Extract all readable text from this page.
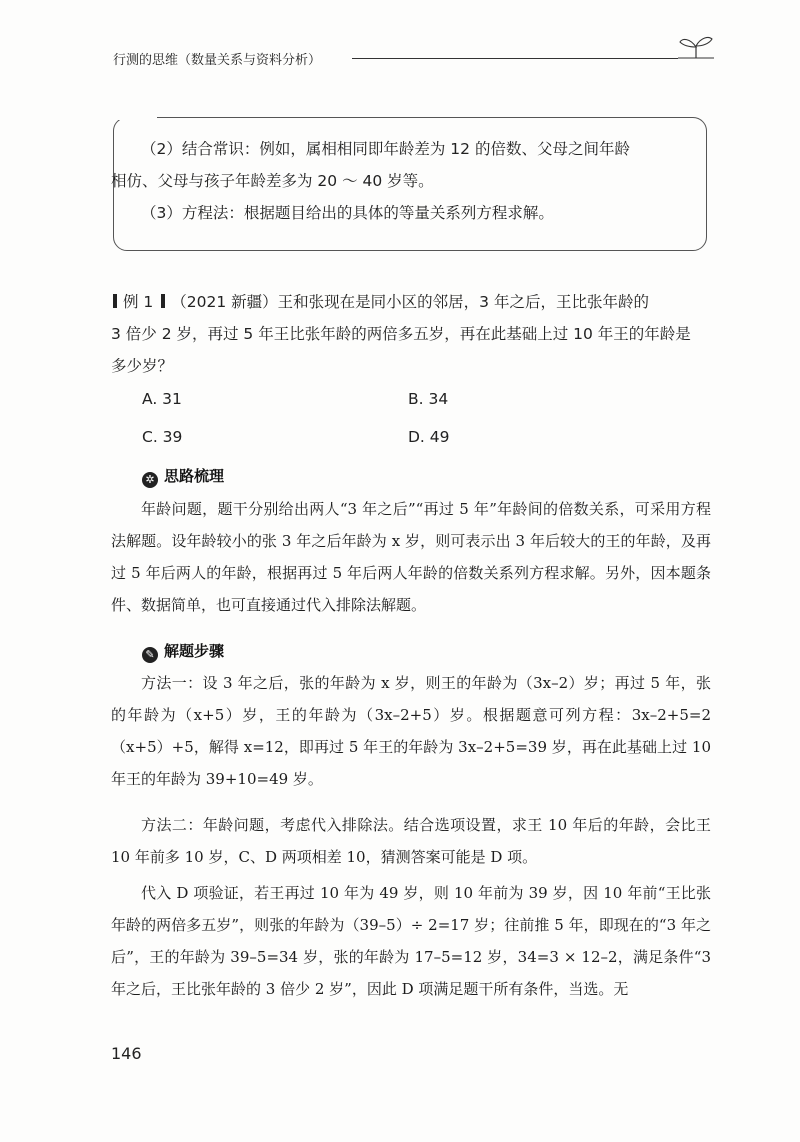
行测的思维（数量关系与资料分析）

（2）结合常识：例如，属相相同即年龄差为 12 的倍数、父母之间年龄

相仿、父母与孩子年龄差多为 20 ～ 40 岁等。

（3）方程法：根据题目给出的具体的等量关系列方程求解。

例 1 （2021 新疆）王和张现在是同小区的邻居，3 年之后，王比张年龄的

3 倍少 2 岁，再过 5 年王比张年龄的两倍多五岁，再在此基础上过 10 年王的年龄是

多少岁？

A. 31	B. 34
C. 39	D. 49
✲ 思路梳理

年龄问题，题干分别给出两人“3 年之后”“再过 5 年”年龄间的倍数关系，可采用方程法解题。设年龄较小的张 3 年之后年龄为 x 岁，则可表示出 3 年后较大的王的年龄，及再过 5 年后两人的年龄，根据再过 5 年后两人年龄的倍数关系列方程求解。另外，因本题条件、数据简单，也可直接通过代入排除法解题。

✎ 解题步骤

方法一：设 3 年之后，张的年龄为 x 岁，则王的年龄为（3x–2）岁；再过 5 年，张的年龄为（x+5）岁，王的年龄为（3x–2+5）岁。根据题意可列方程：3x–2+5=2（x+5）+5，解得 x=12，即再过 5 年王的年龄为 3x–2+5=39 岁，再在此基础上过 10 年王的年龄为 39+10=49 岁。

方法二：年龄问题，考虑代入排除法。结合选项设置，求王 10 年后的年龄，会比王 10 年前多 10 岁，C、D 两项相差 10，猜测答案可能是 D 项。

代入 D 项验证，若王再过 10 年为 49 岁，则 10 年前为 39 岁，因 10 年前“王比张年龄的两倍多五岁”，则张的年龄为（39–5）÷ 2=17 岁；往前推 5 年，即现在的“3 年之后”，王的年龄为 39–5=34 岁，张的年龄为 17–5=12 岁，34=3 × 12–2，满足条件“3 年之后，王比张年龄的 3 倍少 2 岁”，因此 D 项满足题干所有条件，当选。无

146
